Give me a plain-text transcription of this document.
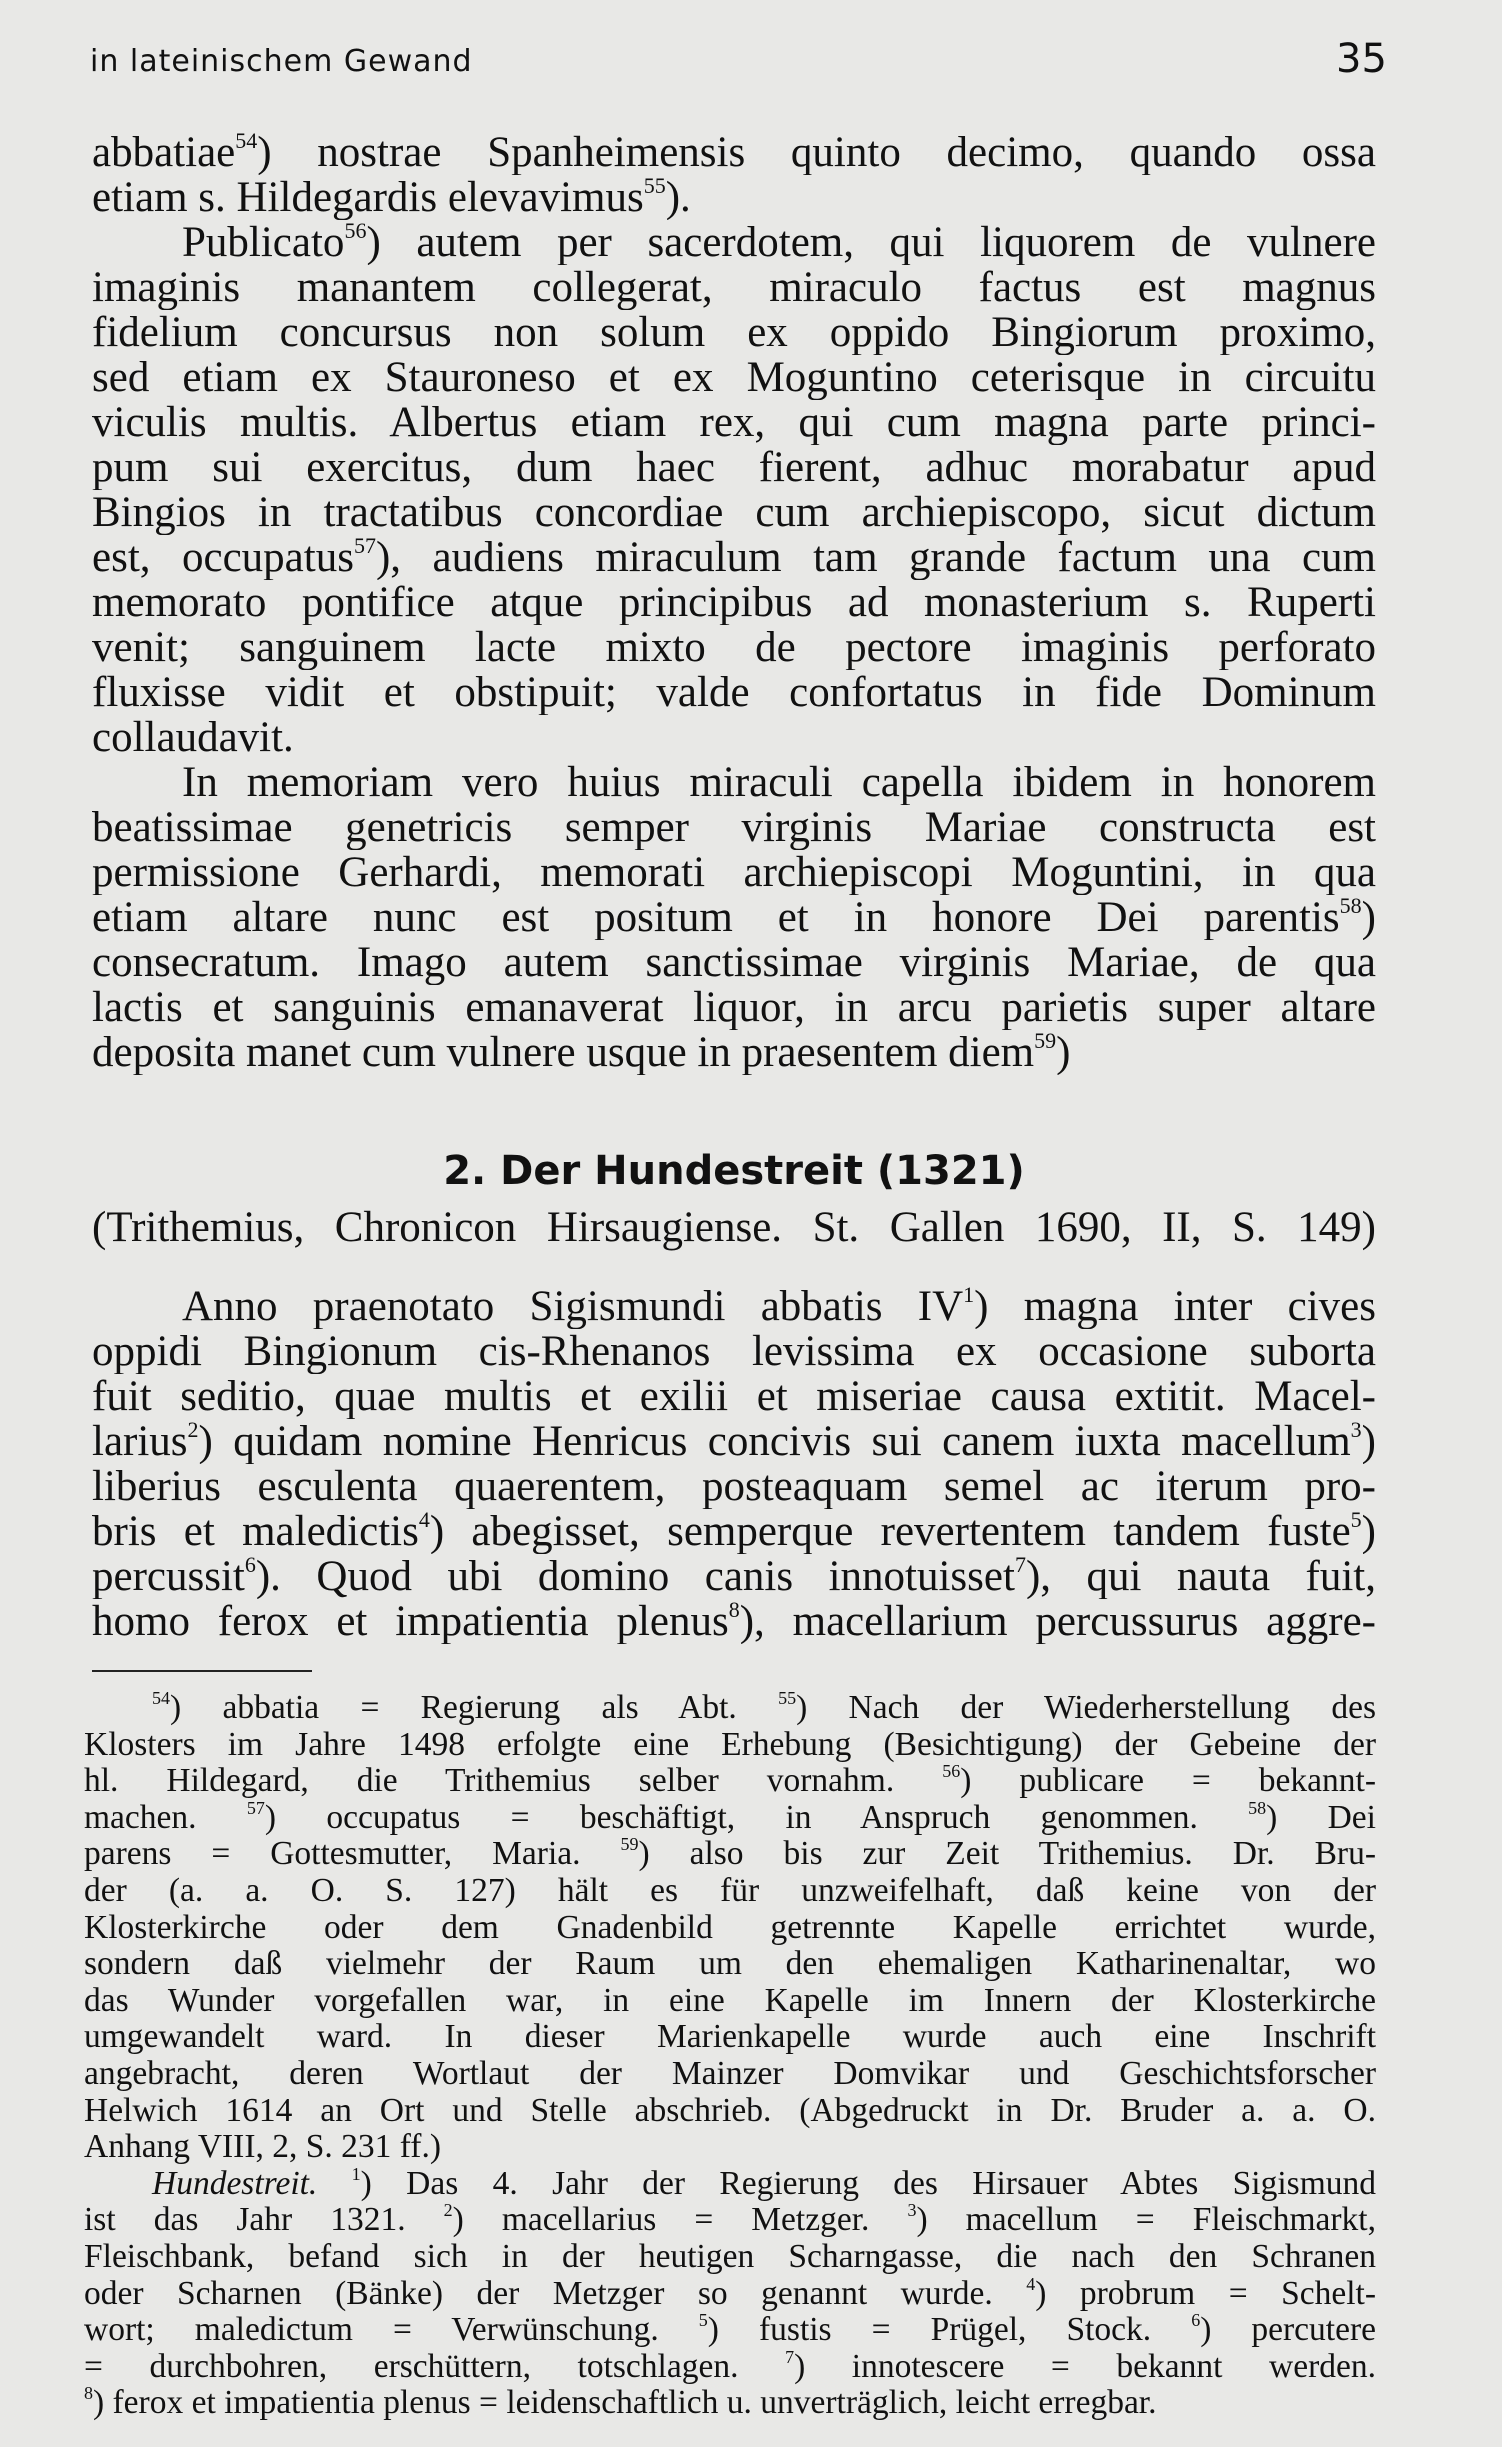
in lateinischem Gewand	35
abbatiae$^{54}$) nostrae Spanheimensis quinto decimo, quando ossa
etiam s. Hildegardis elevavimus$^{55}$).
Publicato$^{56}$) autem per sacerdotem, qui liquorem de vulnere
imaginis manantem collegerat, miraculo factus est magnus
fidelium concursus non solum ex oppido Bingiorum proximo,
sed etiam ex Stauroneso et ex Moguntino ceterisque in circuitu
viculis multis. Albertus etiam rex, qui cum magna parte princi-
pum sui exercitus, dum haec fierent, adhuc morabatur apud
Bingios in tractatibus concordiae cum archiepiscopo, sicut dictum
est, occupatus$^{57}$), audiens miraculum tam grande factum una cum
memorato pontifice atque principibus ad monasterium s. Ruperti
venit; sanguinem lacte mixto de pectore imaginis perforato
fluxisse vidit et obstipuit; valde confortatus in fide Dominum
collaudavit.
In memoriam vero huius miraculi capella ibidem in honorem
beatissimae genetricis semper virginis Mariae constructa est
permissione Gerhardi, memorati archiepiscopi Moguntini, in qua
etiam altare nunc est positum et in honore Dei parentis$^{58}$)
consecratum. Imago autem sanctissimae virginis Mariae, de qua
lactis et sanguinis emanaverat liquor, in arcu parietis super altare
deposita manet cum vulnere usque in praesentem diem$^{59}$)
2. Der Hundestreit (1321)
(Trithemius, Chronicon Hirsaugiense. St. Gallen 1690, II, S. 149)
Anno praenotato Sigismundi abbatis $IV^1$) magna inter cives
oppidi Bingionum cis-Rhenanos levissima ex occasione suborta
fuit seditio, quae multis et exilii et miseriae causa extitit. Macel-
larius$^2$) quidam nomine Henricus concivis sui canem iuxta macellum$^3$)
liberius esculenta quaerentem, posteaquam semel ac iterum pro-
bris et maledictis$^4$) abegisset, semperque revertentem tandem fuste$^5$)
percussit$^6$). Quod ubi domino canis innotuisset$^7$), qui nauta fuit,
homo ferox et impatientia plenus$^8$), macellarium percussurus aggre-
$^{54}$) abbatia = Regierung als Abt. $^{55}$) Nach der Wiederherstellung des
Klosters im Jahre 1498 erfolgte eine Erhebung (Besichtigung) der Gebeine der
hl. Hildegard, die Trithemius selber vornahm. $^{56}$) publicare = bekannt-
machen. $^{57}$) occupatus = beschäftigt, in Anspruch genommen. $^{58}$) Dei
parens = Gottesmutter, Maria. $^{59}$) also bis zur Zeit Trithemius. Dr. Bru-
der (a. a. O. S. 127) hält es für unzweifelhaft, daß keine von der
Klosterkirche oder dem Gnadenbild getrennte Kapelle errichtet wurde,
sondern daß vielmehr der Raum um den ehemaligen Katharinenaltar, wo
das Wunder vorgefallen war, in eine Kapelle im Innern der Klosterkirche
umgewandelt ward. In dieser Marienkapelle wurde auch eine Inschrift
angebracht, deren Wortlaut der Mainzer Domvikar und Geschichtsforscher
Helwich 1614 an Ort und Stelle abschrieb. (Abgedruckt in Dr. Bruder a. a. O.
Anhang VIII, 2, S. 231 ff.)
Hundestreit. $^1$) Das 4. Jahr der Regierung des Hirsauer Abtes Sigismund
ist das Jahr 1321. $^2$) macellarius = Metzger. $^3$) macellum = Fleischmarkt,
Fleischbank, befand sich in der heutigen Scharngasse, die nach den Schranen
oder Scharnen (Bänke) der Metzger so genannt wurde. $^4$) probrum = Schelt-
wort; maledictum = Verwünschung. $^5$) fustis = Prügel, Stock. $^6$) percutere
= durchbohren, erschüttern, totschlagen. $^7$) innotescere = bekannt werden.
$^8$) ferox et impatientia plenus = leidenschaftlich u. unverträglich, leicht erregbar.
